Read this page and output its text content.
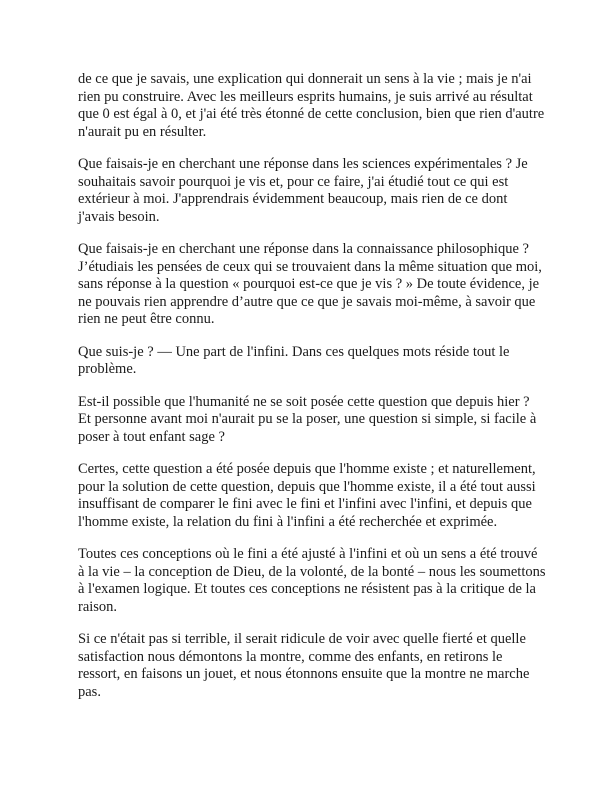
de ce que je savais, une explication qui donnerait un sens à la vie ; mais je n'ai rien pu construire. Avec les meilleurs esprits humains, je suis arrivé au résultat que 0 est égal à 0, et j'ai été très étonné de cette conclusion, bien que rien d'autre n'aurait pu en résulter.

Que faisais-je en cherchant une réponse dans les sciences expérimentales ? Je souhaitais savoir pourquoi je vis et, pour ce faire, j'ai étudié tout ce qui est extérieur à moi. J'apprendrais évidemment beaucoup, mais rien de ce dont j'avais besoin.

Que faisais-je en cherchant une réponse dans la connaissance philosophique ? J’étudiais les pensées de ceux qui se trouvaient dans la même situation que moi, sans réponse à la question « pourquoi est-ce que je vis ? » De toute évidence, je ne pouvais rien apprendre d’autre que ce que je savais moi-même, à savoir que rien ne peut être connu.

Que suis-je ? — Une part de l'infini. Dans ces quelques mots réside tout le problème.

Est-il possible que l'humanité ne se soit posée cette question que depuis hier ? Et personne avant moi n'aurait pu se la poser, une question si simple, si facile à poser à tout enfant sage ?

Certes, cette question a été posée depuis que l'homme existe ; et naturellement, pour la solution de cette question, depuis que l'homme existe, il a été tout aussi insuffisant de comparer le fini avec le fini et l'infini avec l'infini, et depuis que l'homme existe, la relation du fini à l'infini a été recherchée et exprimée.

Toutes ces conceptions où le fini a été ajusté à l'infini et où un sens a été trouvé à la vie – la conception de Dieu, de la volonté, de la bonté – nous les soumettons à l'examen logique. Et toutes ces conceptions ne résistent pas à la critique de la raison.

Si ce n'était pas si terrible, il serait ridicule de voir avec quelle fierté et quelle satisfaction nous démontons la montre, comme des enfants, en retirons le ressort, en faisons un jouet, et nous étonnons ensuite que la montre ne marche pas.
